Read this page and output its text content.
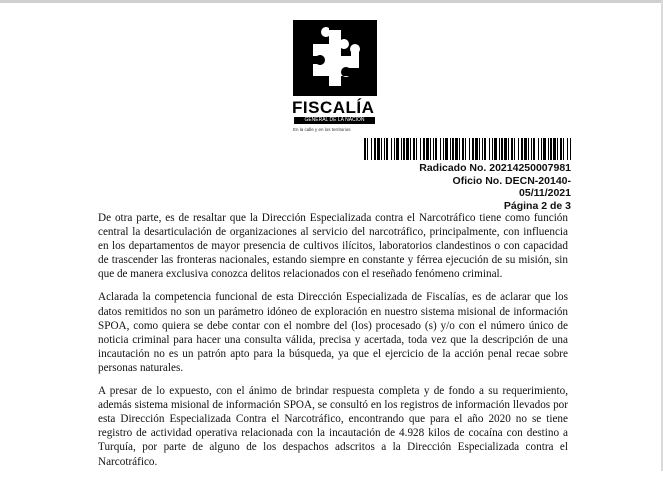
FISCALÍA
GENERAL DE LA NACIÓN
En la calle y en los territorios
Radicado No. 20214250007981
Oficio No. DECN-20140-
05/11/2021
Página 2 de 3

De otra parte, es de resaltar que la Dirección Especializada contra el Narcotráfico tiene como función central la desarticulación de organizaciones al servicio del narcotráfico, principalmente, con influencia en los departamentos de mayor presencia de cultivos ilícitos, laboratorios clandestinos o con capacidad de trascender las fronteras nacionales, estando siempre en constante y férrea ejecución de su misión, sin que de manera exclusiva conozca delitos relacionados con el reseñado fenómeno criminal.

Aclarada la competencia funcional de esta Dirección Especializada de Fiscalías, es de aclarar que los datos remitidos no son un parámetro idóneo de exploración en nuestro sistema misional de información SPOA, como quiera se debe contar con el nombre del (los) procesado (s) y/o con el número único de noticia criminal para hacer una consulta válida, precisa y acertada, toda vez que la descripción de una incautación no es un patrón apto para la búsqueda, ya que el ejercicio de la acción penal recae sobre personas naturales.

A presar de lo expuesto, con el ánimo de brindar respuesta completa y de fondo a su requerimiento, además sistema misional de información SPOA, se consultó en los registros de información llevados por esta Dirección Especializada Contra el Narcotráfico, encontrando que para el año 2020 no se tiene registro de actividad operativa relacionada con la incautación de 4.928 kilos de cocaína con destino a Turquía, por parte de alguno de los despachos adscritos a la Dirección Especializada contra el Narcotráfico.
